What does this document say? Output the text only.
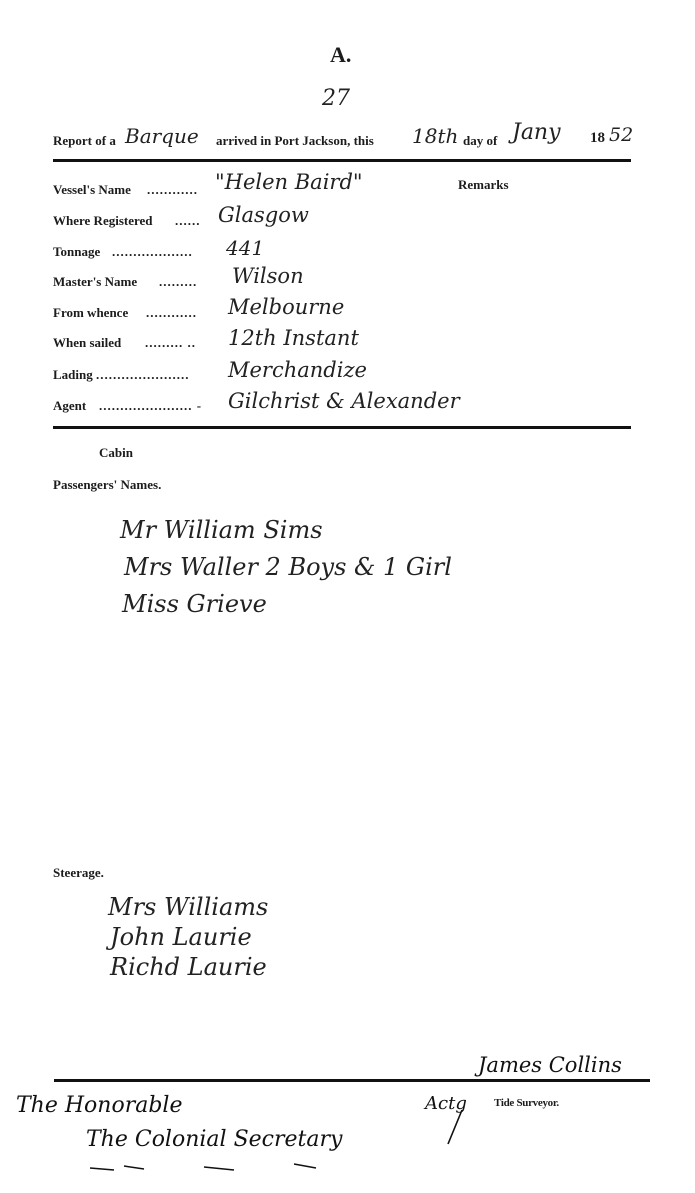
A.
27
Report of a Barque arrived in Port Jackson, this 18th day of Jany 18 52
Remarks
Vessel's Name ............ "Helen Baird"
Where Registered ...... Glasgow
Tonnage ................... 441
Master's Name ......... Wilson
From whence ............ Melbourne
When sailed ......... .. 12th Instant
Lading ...................... Merchandize
Agent ...................... - Gilchrist & Alexander
Cabin
Passengers' Names.
Mr William Sims
Mrs Waller 2 Boys & 1 Girl
Miss Grieve
Steerage.
Mrs Williams
John Laurie
Richd Laurie
James Collins
Actg Tide Surveyor.
The Honorable
The Colonial Secretary
